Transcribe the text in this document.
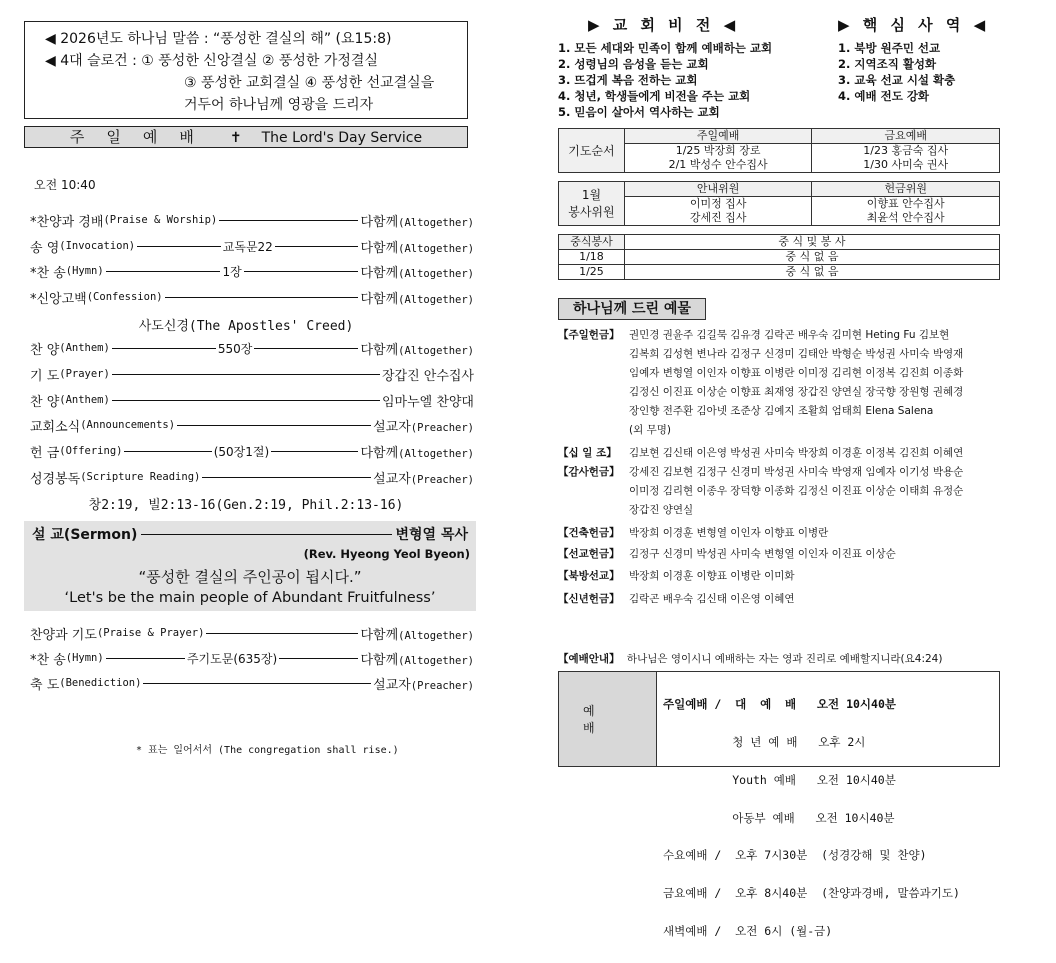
◀ 2026년도 하나님 말씀 : “풍성한 결실의 해” (요15:8)
◀ 4대 슬로건 : ① 풍성한 신앙결실 ② 풍성한 가정결실
③ 풍성한 교회결실 ④ 풍성한 선교결실을
거두어 하나님께 영광을 드리자
주일예배 ✝ The Lord's Day Service
오전 10:40
*찬양과 경배 (Praise & Worship)	다함께(Altogether)
송 영 (Invocation)	교독문22	다함께(Altogether)
*찬 송 (Hymn)	1장	다함께(Altogether)
*신앙고백 (Confession)	다함께(Altogether)
찬 양 (Anthem)	550장	다함께(Altogether)
기 도 (Prayer)	장갑진 안수집사
찬 양 (Anthem)	임마누엘 찬양대
교회소식 (Announcements)	설교자(Preacher)
헌 금 (Offering)	(50장1절)	다함께(Altogether)
성경봉독 (Scripture Reading)	설교자(Preacher)
사도신경(The Apostles' Creed)
창2:19, 빌2:13-16(Gen.2:19, Phil.2:13-16)
설 교(Sermon)	변형열 목사
(Rev. Hyeong Yeol Byeon)
“풍성한 결실의 주인공이 됩시다.”
‘Let's be the main people of Abundant Fruitfulness’
찬양과 기도 (Praise & Prayer)	다함께(Altogether)
*찬 송 (Hymn)	주기도문(635장)	다함께(Altogether)
축 도 (Benediction)	설교자(Preacher)
* 표는 일어서서 (The congregation shall rise.)
▶ 교 회 비 전 ◀
1. 모든 세대와 민족이 함께 예배하는 교회
2. 성령님의 음성을 듣는 교회
3. 뜨겁게 복음 전하는 교회
4. 청년, 학생들에게 비전을 주는 교회
5. 믿음이 살아서 역사하는 교회
▶ 핵 심 사 역 ◀
1. 북방 원주민 선교
2. 지역조직 활성화
3. 교육 선교 시설 확충
4. 예배 전도 강화
기도순서	주일예배	금요예배
	1/25 박장희 장로	1/23 홍금숙 집사
	2/1 박성수 안수집사	1/30 사미숙 권사
1월
봉사위원	안내위원	헌금위원
	이미정 집사	이향표 안수집사
	강세진 집사	최윤석 안수집사
중식봉사	중 식 및 봉 사
1/18	중 식 없 음
1/25	중 식 없 음
하나님께 드린 예물
【주일헌금】 권민경 권윤주 김길묵 김유경 김락곤 배우숙 김미현 Heting Fu 김보현
김복희 김성현 변나라 김정구 신경미 김태안 박형순 박성권 사미숙 박영재
임예자 변형열 이인자 이향표 이병란 이미정 김리현 이정복 김진희 이종화
김정신 이진표 이상순 이향표 최재영 장갑진 양연실 장국향 장원형 권혜경
장인향 전주환 김아넷 조준상 김예지 조활희 엄태희 Elena Salena
(외 무명)
【십 일 조】 김보현 김신태 이은영 박성권 사미숙 박장희 이경훈 이정복 김진희 이혜연
【감사헌금】 강세진 김보현 김정구 신경미 박성권 사미숙 박영재 임예자 이기성 박용순
이미정 김리현 이종우 장덕향 이종화 김정신 이진표 이상순 이태희 유정순
장갑진 양연실
【건축헌금】 박장희 이경훈 변형열 이인자 이향표 이병란
【선교헌금】 김정구 신경미 박성권 사미숙 변형열 이인자 이진표 이상순
【북방선교】 박장희 이경훈 이향표 이병란 이미화
【신년헌금】 김락곤 배우숙 김신태 이은영 이혜연
【예배안내】 하나님은 영이시니 예배하는 자는 영과 진리로 예배할지니라(요4:24)
예 배

주일예배 /  대  예  배   오전 10시40분

청 년 예 배   오후 2시

Youth 예배   오전 10시40분

아동부 예배   오전 10시40분

수요예배 /  오후 7시30분  (성경강해 및 찬양)

금요예배 /  오후 8시40분  (찬양과경배, 말씀과기도)

새벽예배 /  오전 6시 (월-금)
